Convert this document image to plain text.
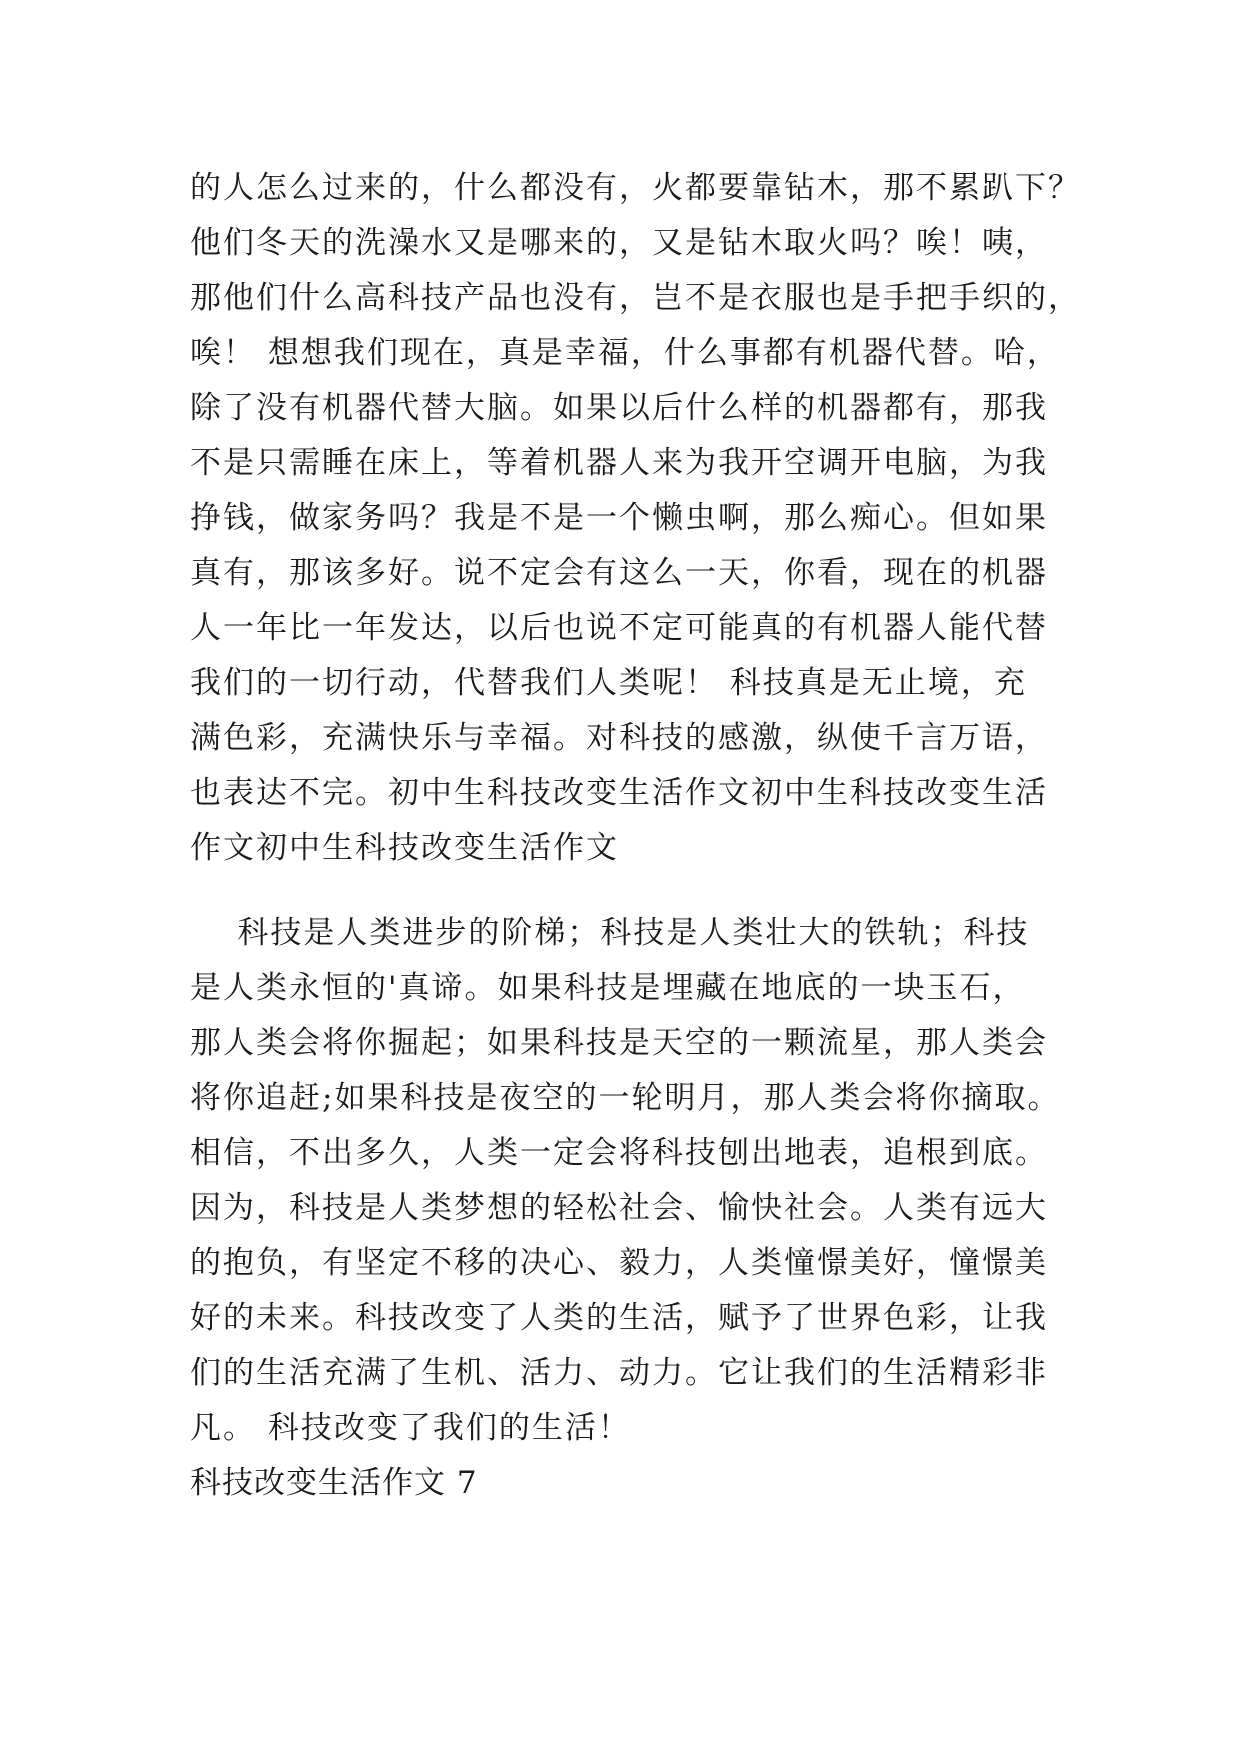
的人怎么过来的，什么都没有，火都要靠钻木，那不累趴下？
他们冬天的洗澡水又是哪来的，又是钻木取火吗？唉！咦，
那他们什么高科技产品也没有，岂不是衣服也是手把手织的，
唉！ 想想我们现在，真是幸福，什么事都有机器代替。哈，
除了没有机器代替大脑。如果以后什么样的机器都有，那我
不是只需睡在床上，等着机器人来为我开空调开电脑，为我
挣钱，做家务吗？我是不是一个懒虫啊，那么痴心。但如果
真有，那该多好。说不定会有这么一天，你看，现在的机器
人一年比一年发达，以后也说不定可能真的有机器人能代替
我们的一切行动，代替我们人类呢！ 科技真是无止境，充
满色彩，充满快乐与幸福。对科技的感激，纵使千言万语，
也表达不完。初中生科技改变生活作文初中生科技改变生活
作文初中生科技改变生活作文
科技是人类进步的阶梯；科技是人类壮大的铁轨；科技
是人类永恒的'真谛。如果科技是埋藏在地底的一块玉石，
那人类会将你掘起；如果科技是天空的一颗流星，那人类会
将你追赶;如果科技是夜空的一轮明月，那人类会将你摘取。
相信，不出多久，人类一定会将科技刨出地表，追根到底。
因为，科技是人类梦想的轻松社会、愉快社会。人类有远大
的抱负，有坚定不移的决心、毅力，人类憧憬美好，憧憬美
好的未来。科技改变了人类的生活，赋予了世界色彩，让我
们的生活充满了生机、活力、动力。它让我们的生活精彩非
凡。 科技改变了我们的生活！
科技改变生活作文 7
